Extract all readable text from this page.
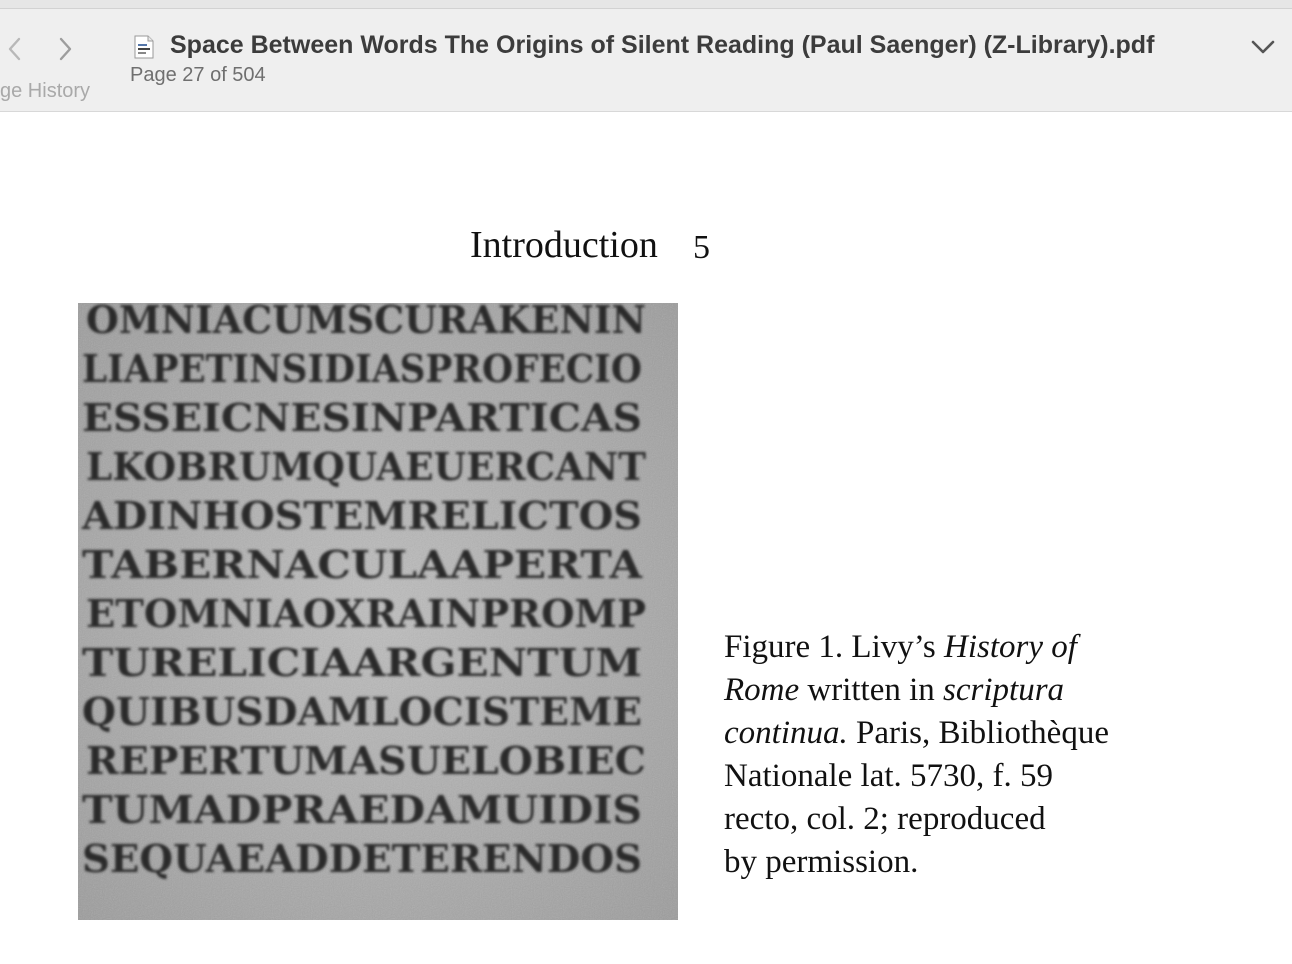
ge History
Space Between Words The Origins of Silent Reading (Paul Saenger) (Z-Library).pdf
Page 27 of 504
Introduction 5
OMNIACUMSCURAKENIN
LIAPETINSIDIASPROFECIO
ESSEICNESINPARTICAS
LKOBRUMQUAEUERCANT
ADINHOSTEMRELICTOS
TABERNACULAAPERTA
ETOMNIAOXRAINPROMP
TURELICIAARGENTUM
QUIBUSDAMLOCISTEME
REPERTUMASUELOBIEC
TUMADPRAEDAMUIDIS
SEQUAEADDETERENDOS
Figure 1. Livy’s History of
Rome written in scriptura
continua. Paris, Bibliothèque
Nationale lat. 5730, f. 59
recto, col. 2; reproduced
by permission.
